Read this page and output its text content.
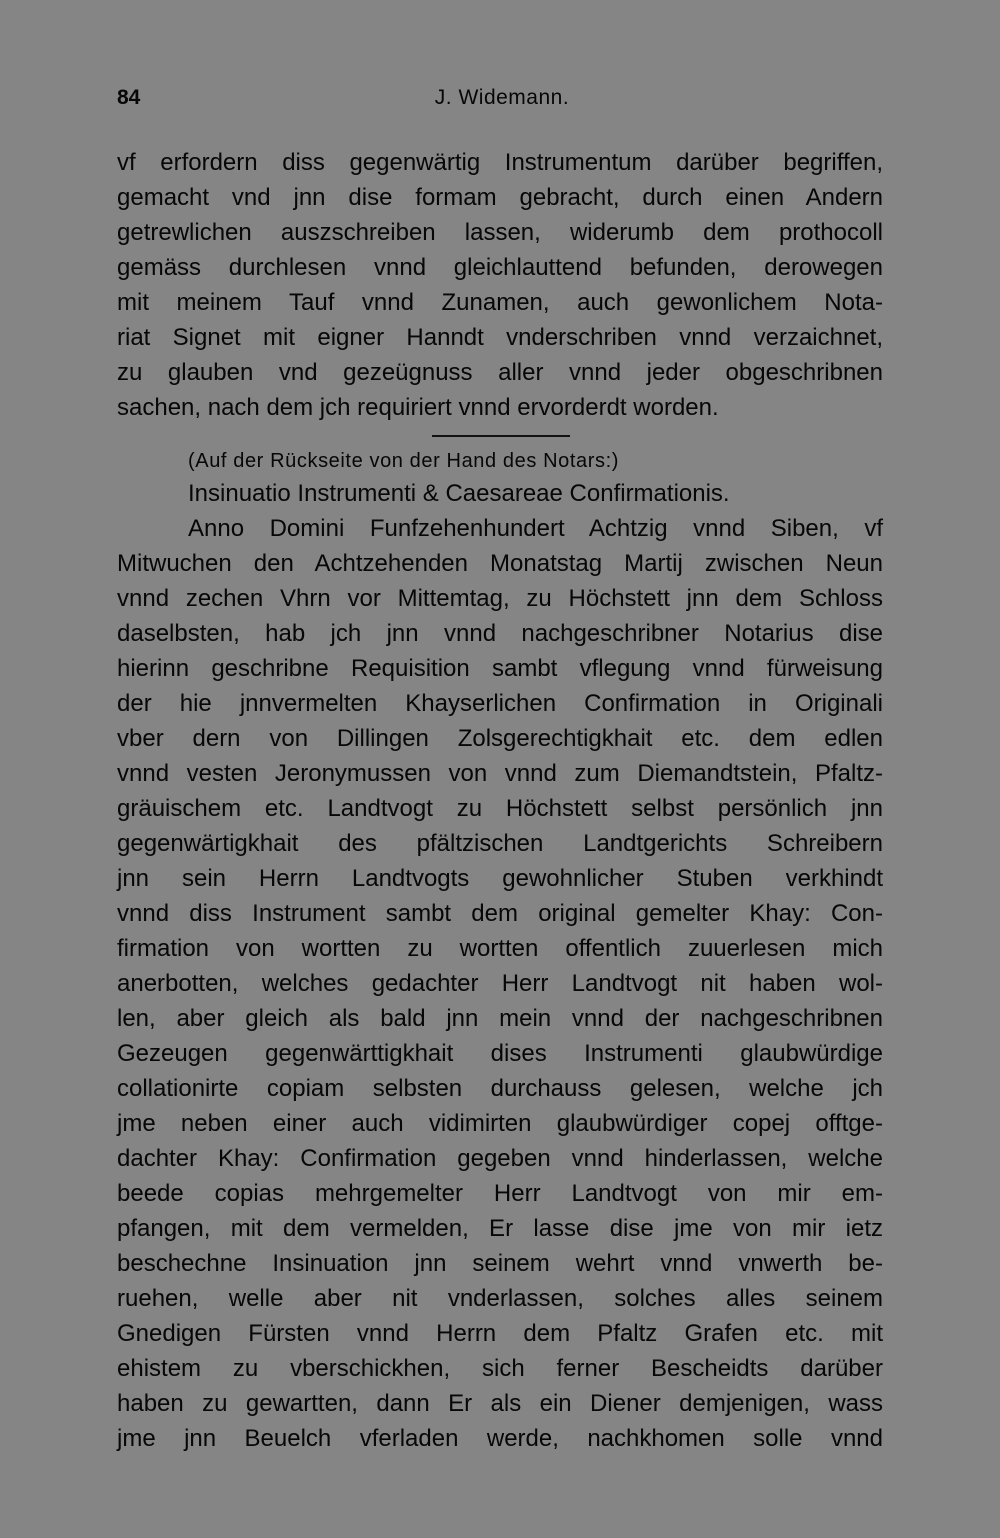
84	J. Widemann.
vf erfordern diss gegenwärtig Instrumentum darüber begriffen,
gemacht vnd jnn dise formam gebracht, durch einen Andern
getrewlichen auszschreiben lassen, widerumb dem prothocoll
gemäss durchlesen vnnd gleichlauttend befunden, derowegen
mit meinem Tauf vnnd Zunamen, auch gewonlichem Nota-
riat Signet mit eigner Hanndt vnderschriben vnnd verzaichnet,
zu glauben vnd gezeügnuss aller vnnd jeder obgeschribnen
sachen, nach dem jch requiriert vnnd ervorderdt worden.
(Auf der Rückseite von der Hand des Notars:)
Insinuatio Instrumenti & Caesareae Confirmationis.
Anno Domini Funfzehenhundert Achtzig vnnd Siben, vf
Mitwuchen den Achtzehenden Monatstag Martij zwischen Neun
vnnd zechen Vhrn vor Mittemtag, zu Höchstett jnn dem Schloss
daselbsten, hab jch jnn vnnd nachgeschribner Notarius dise
hierinn geschribne Requisition sambt vflegung vnnd fürweisung
der hie jnnvermelten Khayserlichen Confirmation in Originali
vber dern von Dillingen Zolsgerechtigkhait etc. dem edlen
vnnd vesten Jeronymussen von vnnd zum Diemandtstein, Pfaltz-
gräuischem etc. Landtvogt zu Höchstett selbst persönlich jnn
gegenwärtigkhait des pfältzischen Landtgerichts Schreibern
jnn sein Herrn Landtvogts gewohnlicher Stuben verkhindt
vnnd diss Instrument sambt dem original gemelter Khay: Con-
firmation von wortten zu wortten offentlich zuuerlesen mich
anerbotten, welches gedachter Herr Landtvogt nit haben wol-
len, aber gleich als bald jnn mein vnnd der nachgeschribnen
Gezeugen gegenwärttigkhait dises Instrumenti glaubwürdige
collationirte copiam selbsten durchauss gelesen, welche jch
jme neben einer auch vidimirten glaubwürdiger copej offtge-
dachter Khay: Confirmation gegeben vnnd hinderlassen, welche
beede copias mehrgemelter Herr Landtvogt von mir em-
pfangen, mit dem vermelden, Er lasse dise jme von mir ietz
beschechne Insinuation jnn seinem wehrt vnnd vnwerth be-
ruehen, welle aber nit vnderlassen, solches alles seinem
Gnedigen Fürsten vnnd Herrn dem Pfaltz Grafen etc. mit
ehistem zu vberschickhen, sich ferner Bescheidts darüber
haben zu gewartten, dann Er als ein Diener demjenigen, wass
jme jnn Beuelch vferladen werde, nachkhomen solle vnnd
